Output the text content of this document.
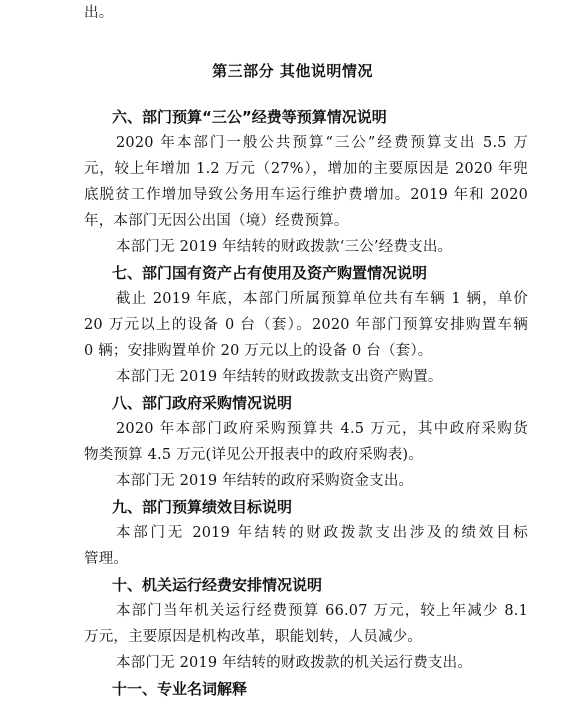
出。
第三部分 其他说明情况
六、部门预算“三公”经费等预算情况说明
2020 年本部门一般公共预算“三公”经费预算支出 5.5 万
元，较上年增加 1.2 万元（27%），增加的主要原因是 2020 年兜
底脱贫工作增加导致公务用车运行维护费增加。2019 年和 2020
年，本部门无因公出国（境）经费预算。
本部门无 2019 年结转的财政拨款‘三公’经费支出。
七、部门国有资产占有使用及资产购置情况说明
截止 2019 年底，本部门所属预算单位共有车辆 1 辆，单价
20 万元以上的设备 0 台（套）。2020 年部门预算安排购置车辆
0 辆；安排购置单价 20 万元以上的设备 0 台（套）。
本部门无 2019 年结转的财政拨款支出资产购置。
八、部门政府采购情况说明
2020 年本部门政府采购预算共 4.5 万元，其中政府采购货
物类预算 4.5 万元(详见公开报表中的政府采购表)。
本部门无 2019 年结转的政府采购资金支出。
九、部门预算绩效目标说明
本部门无 2019 年结转的财政拨款支出涉及的绩效目标
管理。
十、机关运行经费安排情况说明
本部门当年机关运行经费预算 66.07 万元，较上年减少 8.1
万元，主要原因是机构改革，职能划转，人员减少。
本部门无 2019 年结转的财政拨款的机关运行费支出。
十一、专业名词解释
